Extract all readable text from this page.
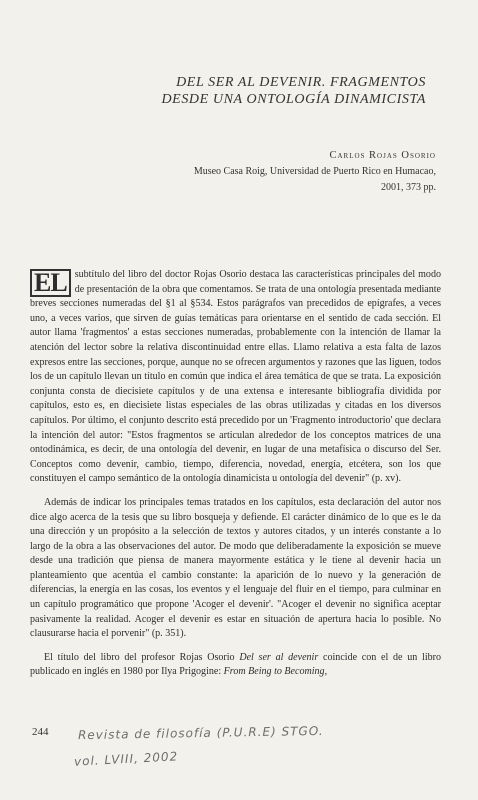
DEL SER AL DEVENIR. FRAGMENTOS
DESDE UNA ONTOLOGÍA DINAMICISTA
Carlos Rojas Osorio
Museo Casa Roig, Universidad de Puerto Rico en Humacao,
2001, 373 pp.

EL subtítulo del libro del doctor Rojas Osorio destaca las características principales del modo de presentación de la obra que comentamos. Se trata de una ontología presentada mediante breves secciones numeradas del §1 al §534. Estos parágrafos van precedidos de epígrafes, a veces uno, a veces varios, que sirven de guías temáticas para orientarse en el sentido de cada sección. El autor llama 'fragmentos' a estas secciones numeradas, probablemente con la intención de llamar la atención del lector sobre la relativa discontinuidad entre ellas. Llamo relativa a esta falta de lazos expresos entre las secciones, porque, aunque no se ofrecen argumentos y razones que las liguen, todos los de un capítulo llevan un título en común que indica el área temática de que se trata. La exposición conjunta consta de diecisiete capítulos y de una extensa e interesante bibliografía dividida por capítulos, esto es, en diecisiete listas especiales de las obras utilizadas y citadas en los diversos capítulos. Por último, el conjunto descrito está precedido por un 'Fragmento introductorio' que declara la intención del autor: "Estos fragmentos se articulan alrededor de los conceptos matrices de una ontodinámica, es decir, de una ontología del devenir, en lugar de una metafísica o discurso del Ser. Conceptos como devenir, cambio, tiempo, diferencia, novedad, energía, etcétera, son los que constituyen el campo semántico de la ontología dinamicista u ontología del devenir" (p. xv).

Además de indicar los principales temas tratados en los capítulos, esta declaración del autor nos dice algo acerca de la tesis que su libro bosqueja y defiende. El carácter dinámico de lo que es le da una dirección y un propósito a la selección de textos y autores citados, y un interés constante a lo largo de la obra a las observaciones del autor. De modo que deliberadamente la exposición se mueve desde una tradición que piensa de manera mayormente estática y le tiene al devenir hacia un planteamiento que acentúa el cambio constante: la aparición de lo nuevo y la generación de diferencias, la energía en las cosas, los eventos y el lenguaje del fluir en el tiempo, para culminar en un capítulo programático que propone 'Acoger el devenir'. "Acoger el devenir no significa aceptar pasivamente la realidad. Acoger el devenir es estar en situación de apertura hacia lo posible. No clausurarse hacia el porvenir" (p. 351).

El título del libro del profesor Rojas Osorio Del ser al devenir coincide con el de un libro publicado en inglés en 1980 por Ilya Prigogine: From Being to Becoming,

244 Revista de filosofía (P.U.R.E) STGO.
vol. LVIII, 2002
